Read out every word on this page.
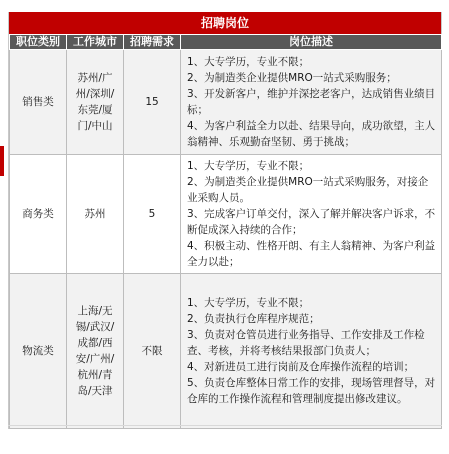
招聘岗位
职位类别	工作城市	招聘需求	岗位描述
销售类	苏州/广州/深圳/东莞/厦门/中山	15	1、大专学历，专业不限；
2、为制造类企业提供MRO一站式采购服务；
3、开发新客户，维护并深挖老客户，达成销售业绩目标；
4、为客户利益全力以赴、结果导向，成功欲望，主人翁精神、乐观勤奋坚韧、勇于挑战；

商务类	苏州	5	1、大专学历，专业不限；
2、为制造类企业提供MRO一站式采购服务，对接企业采购人员。
3、完成客户订单交付，深入了解并解决客户诉求，不断促成深入持续的合作；
4、积极主动、性格开朗、有主人翁精神、为客户利益全力以赴；

物流类	上海/无锡/武汉/成都/西安/广州/杭州/青岛/天津	不限	1、大专学历，专业不限；
2、负责执行仓库程序规范；
3、负责对仓管员进行业务指导、工作安排及工作检查、考核，并将考核结果报部门负责人；
4、对新进员工进行岗前及仓库操作流程的培训；
5、负责仓库整体日常工作的安排，现场管理督导，对仓库的工作操作流程和管理制度提出修改建议。
